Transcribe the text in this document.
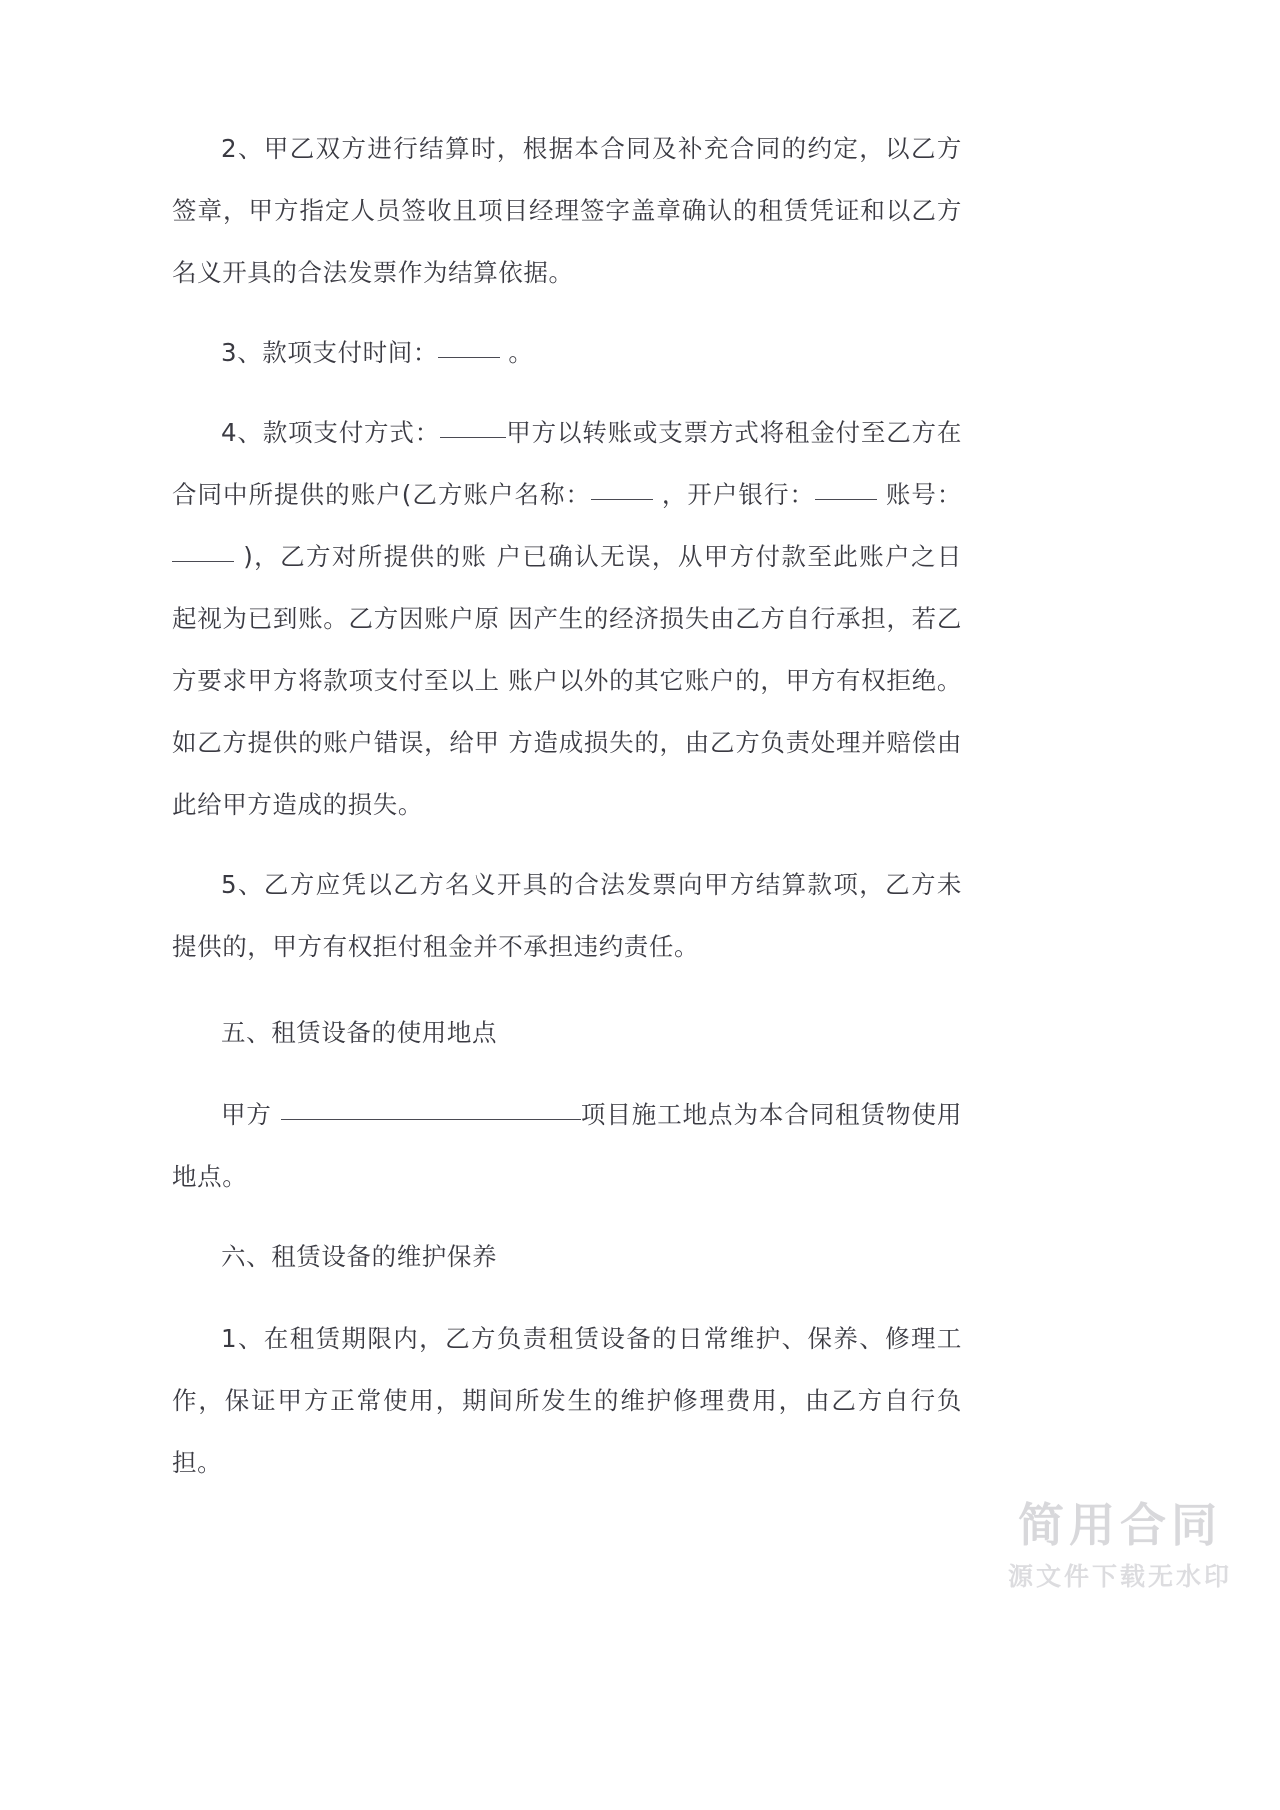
2、甲乙双方进行结算时，根据本合同及补充合同的约定，以乙方签章，甲方指定人员签收且项目经理签字盖章确认的租赁凭证和以乙方名义开具的合法发票作为结算依据。

3、款项支付时间：	。

4、款项支付方式：	甲方以转账或支票方式将租金付至乙方在合同中所提供的账户(乙方账户名称：	，开户银行：	账号： )，乙方对所提供的账 户已确认无误，从甲方付款至此账户之日起视为已到账。乙方因账户原 因产生的经济损失由乙方自行承担，若乙方要求甲方将款项支付至以上 账户以外的其它账户的，甲方有权拒绝。如乙方提供的账户错误，给甲 方造成损失的，由乙方负责处理并赔偿由此给甲方造成的损失。

5、乙方应凭以乙方名义开具的合法发票向甲方结算款项，乙方未提供的，甲方有权拒付租金并不承担违约责任。

五、租赁设备的使用地点

甲方	项目施工地点为本合同租赁物使用地点。

六、租赁设备的维护保养

1、在租赁期限内，乙方负责租赁设备的日常维护、保养、修理工作，保证甲方正常使用，期间所发生的维护修理费用，由乙方自行负担。

简用合同
源文件下载无水印
